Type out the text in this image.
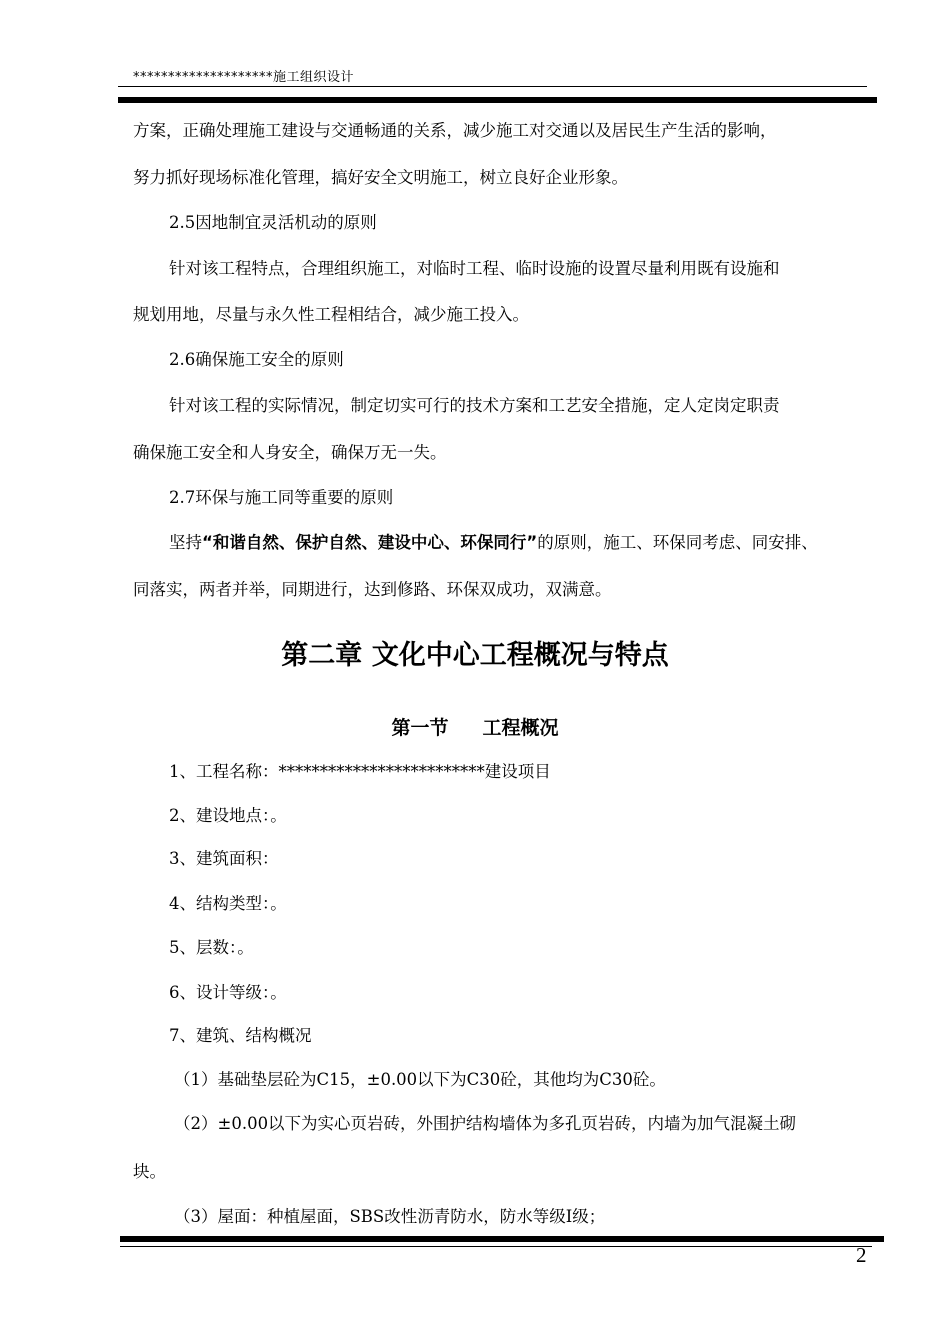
********************施工组织设计
方案，正确处理施工建设与交通畅通的关系，减少施工对交通以及居民生产生活的影响，
努力抓好现场标准化管理，搞好安全文明施工，树立良好企业形象。
2.5因地制宜灵活机动的原则
针对该工程特点，合理组织施工，对临时工程、临时设施的设置尽量利用既有设施和
规划用地，尽量与永久性工程相结合，减少施工投入。
2.6确保施工安全的原则
针对该工程的实际情况，制定切实可行的技术方案和工艺安全措施，定人定岗定职责
确保施工安全和人身安全，确保万无一失。
2.7环保与施工同等重要的原则
坚持“和谐自然、保护自然、建设中心、环保同行”的原则，施工、环保同考虑、同安排、
同落实，两者并举，同期进行，达到修路、环保双成功，双满意。
第二章 文化中心工程概况与特点
第一节 工程概况
1、工程名称：*************************建设项目
2、建设地点：。
3、建筑面积：
4、结构类型：。
5、层数：。
6、设计等级：。
7、建筑、结构概况
（1）基础垫层砼为C15，±0.00以下为C30砼，其他均为C30砼。
（2）±0.00以下为实心页岩砖，外围护结构墙体为多孔页岩砖，内墙为加气混凝土砌
块。
（3）屋面：种植屋面，SBS改性沥青防水，防水等级Ⅰ级；
2
